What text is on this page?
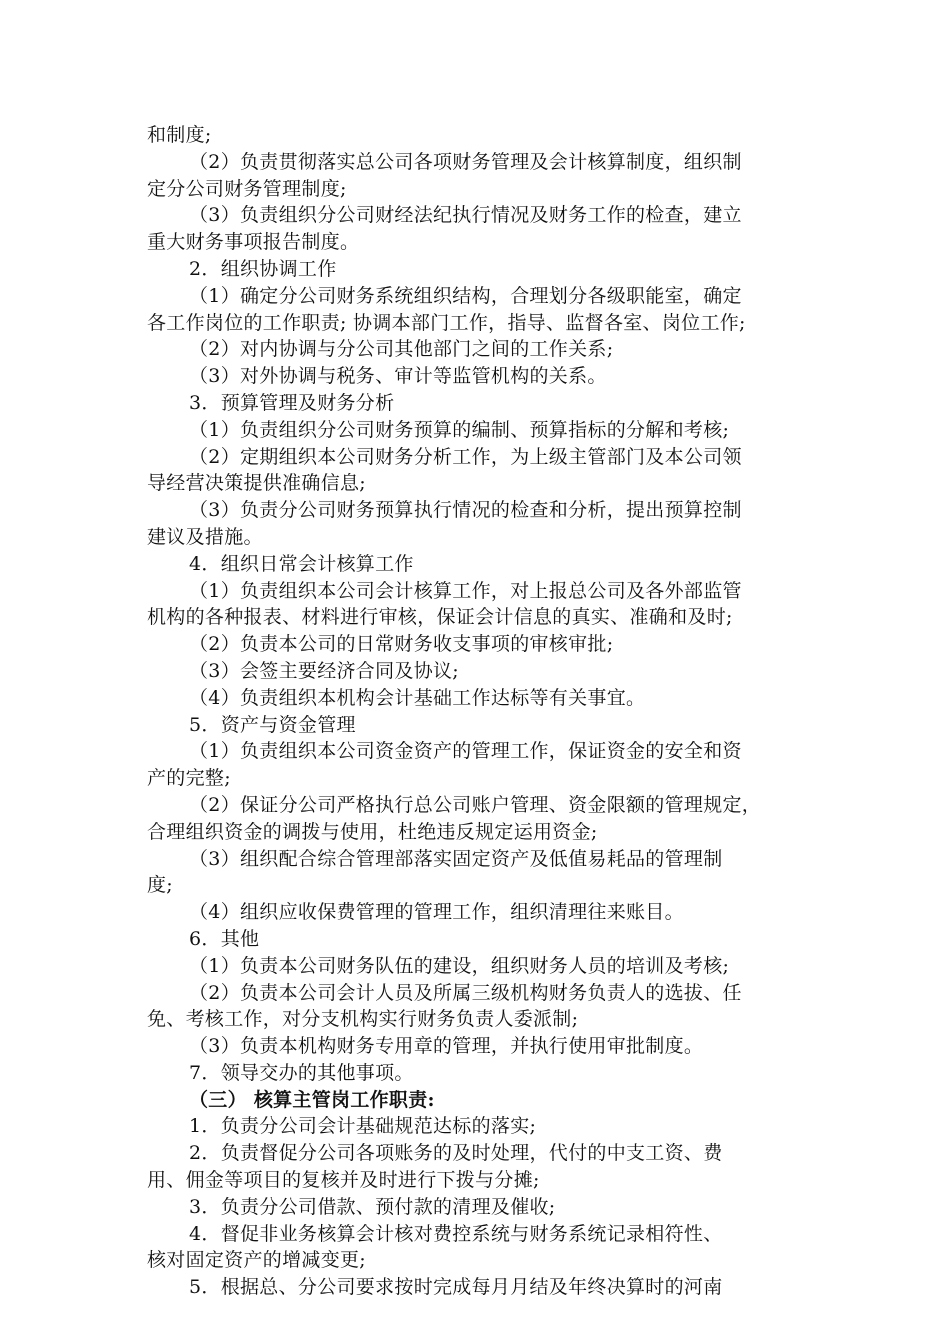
和制度;
（2）负责贯彻落实总公司各项财务管理及会计核算制度，组织制
定分公司财务管理制度;
（3）负责组织分公司财经法纪执行情况及财务工作的检查，建立
重大财务事项报告制度。
2．组织协调工作
（1）确定分公司财务系统组织结构，合理划分各级职能室，确定
各工作岗位的工作职责; 协调本部门工作，指导、监督各室、岗位工作;
（2）对内协调与分公司其他部门之间的工作关系;
（3）对外协调与税务、审计等监管机构的关系。
3．预算管理及财务分析
（1）负责组织分公司财务预算的编制、预算指标的分解和考核;
（2）定期组织本公司财务分析工作，为上级主管部门及本公司领
导经营决策提供准确信息;
（3）负责分公司财务预算执行情况的检查和分析，提出预算控制
建议及措施。
4．组织日常会计核算工作
（1）负责组织本公司会计核算工作，对上报总公司及各外部监管
机构的各种报表、材料进行审核，保证会计信息的真实、准确和及时;
（2）负责本公司的日常财务收支事项的审核审批;
（3）会签主要经济合同及协议;
（4）负责组织本机构会计基础工作达标等有关事宜。
5．资产与资金管理
（1）负责组织本公司资金资产的管理工作，保证资金的安全和资
产的完整;
（2）保证分公司严格执行总公司账户管理、资金限额的管理规定，
合理组织资金的调拨与使用，杜绝违反规定运用资金;
（3）组织配合综合管理部落实固定资产及低值易耗品的管理制
度;
（4）组织应收保费管理的管理工作，组织清理往来账目。
6．其他
（1）负责本公司财务队伍的建设，组织财务人员的培训及考核;
（2）负责本公司会计人员及所属三级机构财务负责人的选拔、任
免、考核工作，对分支机构实行财务负责人委派制;
（3）负责本机构财务专用章的管理，并执行使用审批制度。
7．领导交办的其他事项。
（三） 核算主管岗工作职责:
1．负责分公司会计基础规范达标的落实;
2．负责督促分公司各项账务的及时处理，代付的中支工资、费
用、佣金等项目的复核并及时进行下拨与分摊;
3．负责分公司借款、预付款的清理及催收;
4．督促非业务核算会计核对费控系统与财务系统记录相符性、
核对固定资产的增减变更;
5．根据总、分公司要求按时完成每月月结及年终决算时的河南
